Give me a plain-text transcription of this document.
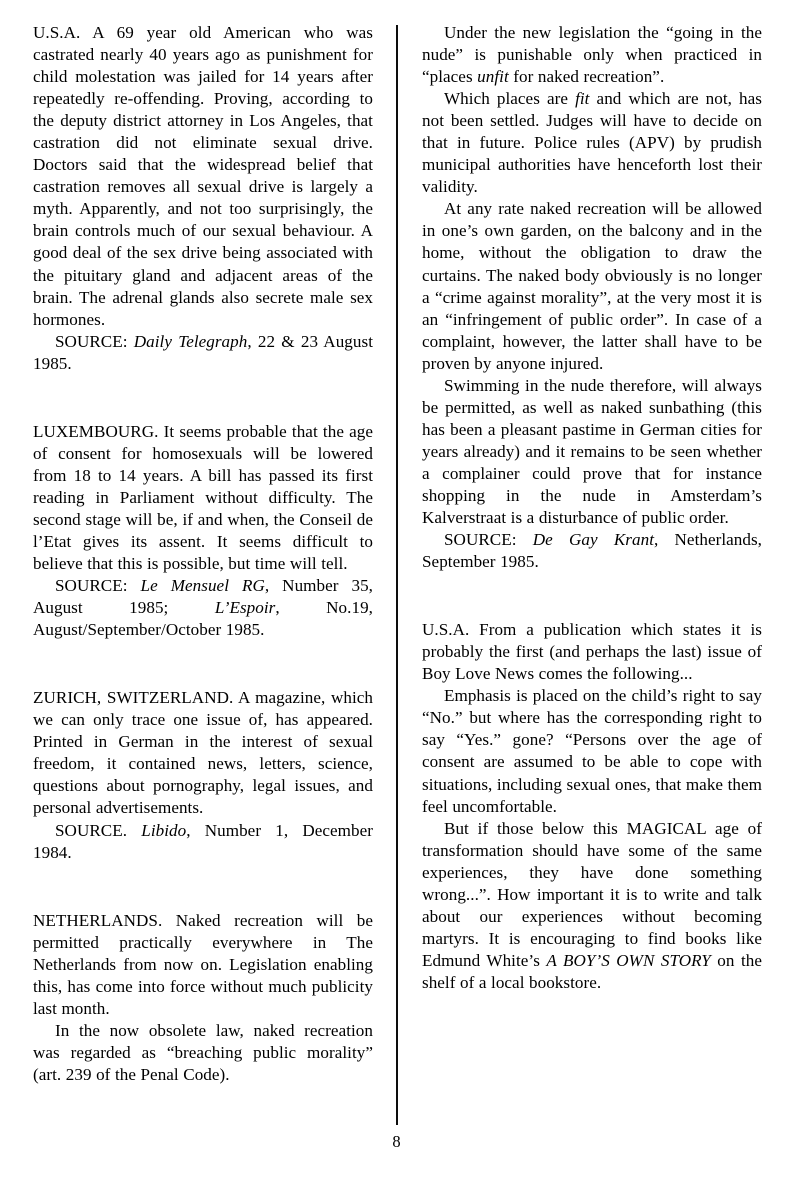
U.S.A. A 69 year old American who was castrated nearly 40 years ago as punishment for child molestation was jailed for 14 years after repeatedly re-offending. Proving, according to the deputy district attorney in Los Angeles, that castration did not eliminate sexual drive. Doctors said that the widespread belief that castration removes all sexual drive is largely a myth. Apparently, and not too surprisingly, the brain controls much of our sexual behaviour. A good deal of the sex drive being associated with the pituitary gland and adjacent areas of the brain. The adrenal glands also secrete male sex hormones.

SOURCE: Daily Telegraph, 22 & 23 August 1985.

LUXEMBOURG. It seems probable that the age of consent for homosexuals will be lowered from 18 to 14 years. A bill has passed its first reading in Parliament without difficulty. The second stage will be, if and when, the Conseil de l’Etat gives its assent. It seems difficult to believe that this is possible, but time will tell.

SOURCE: Le Mensuel RG, Number 35, August 1985; L’Espoir, No.19, August/September/October 1985.

ZURICH, SWITZERLAND. A magazine, which we can only trace one issue of, has appeared. Printed in German in the interest of sexual freedom, it contained news, letters, science, questions about pornography, legal issues, and personal advertisements.

SOURCE. Libido, Number 1, December 1984.

NETHERLANDS. Naked recreation will be permitted practically everywhere in The Netherlands from now on. Legislation enabling this, has come into force without much publicity last month.

In the now obsolete law, naked recreation was regarded as “breaching public morality” (art. 239 of the Penal Code).

Under the new legislation the “going in the nude” is punishable only when practiced in “places unfit for naked recreation”.

Which places are fit and which are not, has not been settled. Judges will have to decide on that in future. Police rules (APV) by prudish municipal authorities have henceforth lost their validity.

At any rate naked recreation will be allowed in one’s own garden, on the balcony and in the home, without the obligation to draw the curtains. The naked body obviously is no longer a “crime against morality”, at the very most it is an “infringement of public order”. In case of a complaint, however, the latter shall have to be proven by anyone injured.

Swimming in the nude therefore, will always be permitted, as well as naked sunbathing (this has been a pleasant pastime in German cities for years already) and it remains to be seen whether a complainer could prove that for instance shopping in the nude in Amsterdam’s Kalverstraat is a disturbance of public order.

SOURCE: De Gay Krant, Netherlands, September 1985.

U.S.A. From a publication which states it is probably the first (and perhaps the last) issue of Boy Love News comes the following...

Emphasis is placed on the child’s right to say “No.” but where has the corresponding right to say “Yes.” gone? “Persons over the age of consent are assumed to be able to cope with situations, including sexual ones, that make them feel uncomfortable.

But if those below this MAGICAL age of transformation should have some of the same experiences, they have done something wrong...”. How important it is to write and talk about our experiences without becoming martyrs. It is encouraging to find books like Edmund White’s A BOY’S OWN STORY on the shelf of a local bookstore.

8
